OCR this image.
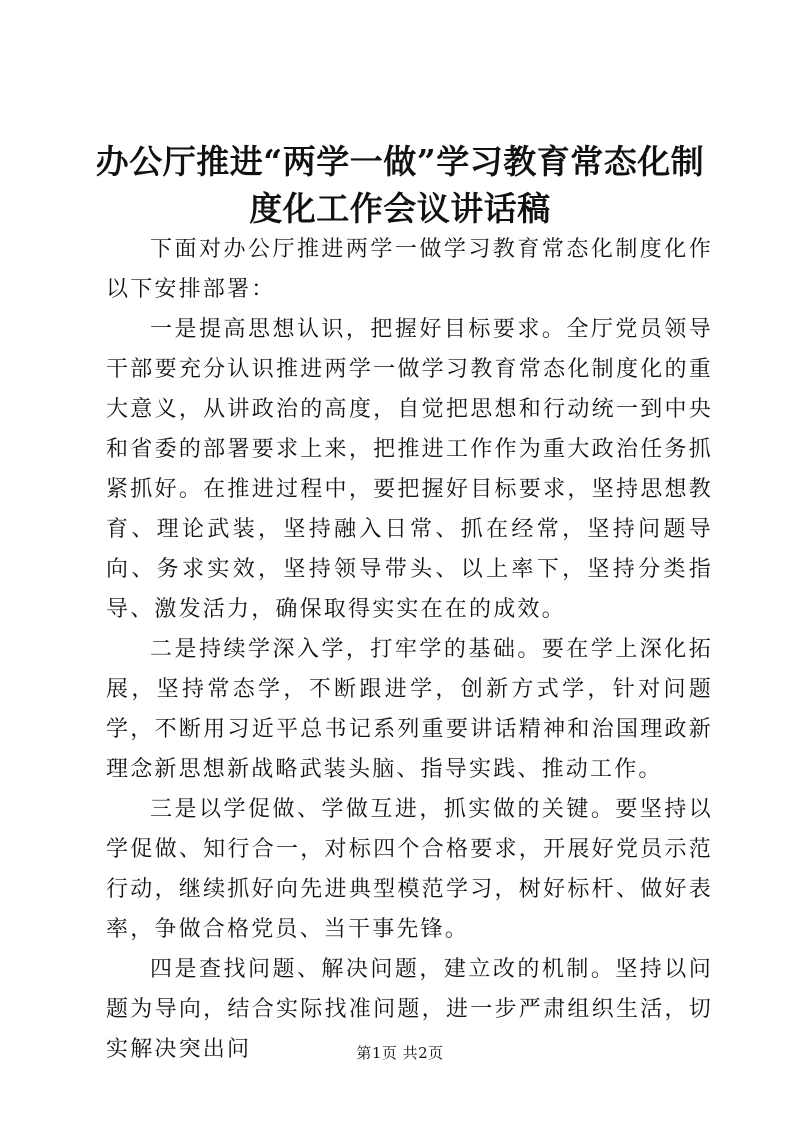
办公厅推进“两学一做”学习教育常态化制度化工作会议讲话稿

下面对办公厅推进两学一做学习教育常态化制度化作以下安排部署：

一是提高思想认识，把握好目标要求。全厅党员领导干部要充分认识推进两学一做学习教育常态化制度化的重大意义，从讲政治的高度，自觉把思想和行动统一到中央和省委的部署要求上来，把推进工作作为重大政治任务抓紧抓好。在推进过程中，要把握好目标要求，坚持思想教育、理论武装，坚持融入日常、抓在经常，坚持问题导向、务求实效，坚持领导带头、以上率下，坚持分类指导、激发活力，确保取得实实在在的成效。

二是持续学深入学，打牢学的基础。要在学上深化拓展，坚持常态学，不断跟进学，创新方式学，针对问题学，不断用习近平总书记系列重要讲话精神和治国理政新理念新思想新战略武装头脑、指导实践、推动工作。

三是以学促做、学做互进，抓实做的关键。要坚持以学促做、知行合一，对标四个合格要求，开展好党员示范行动，继续抓好向先进典型模范学习，树好标杆、做好表率，争做合格党员、当干事先锋。

四是查找问题、解决问题，建立改的机制。坚持以问题为导向，结合实际找准问题，进一步严肃组织生活，切实解决突出问	第1页 共2页
